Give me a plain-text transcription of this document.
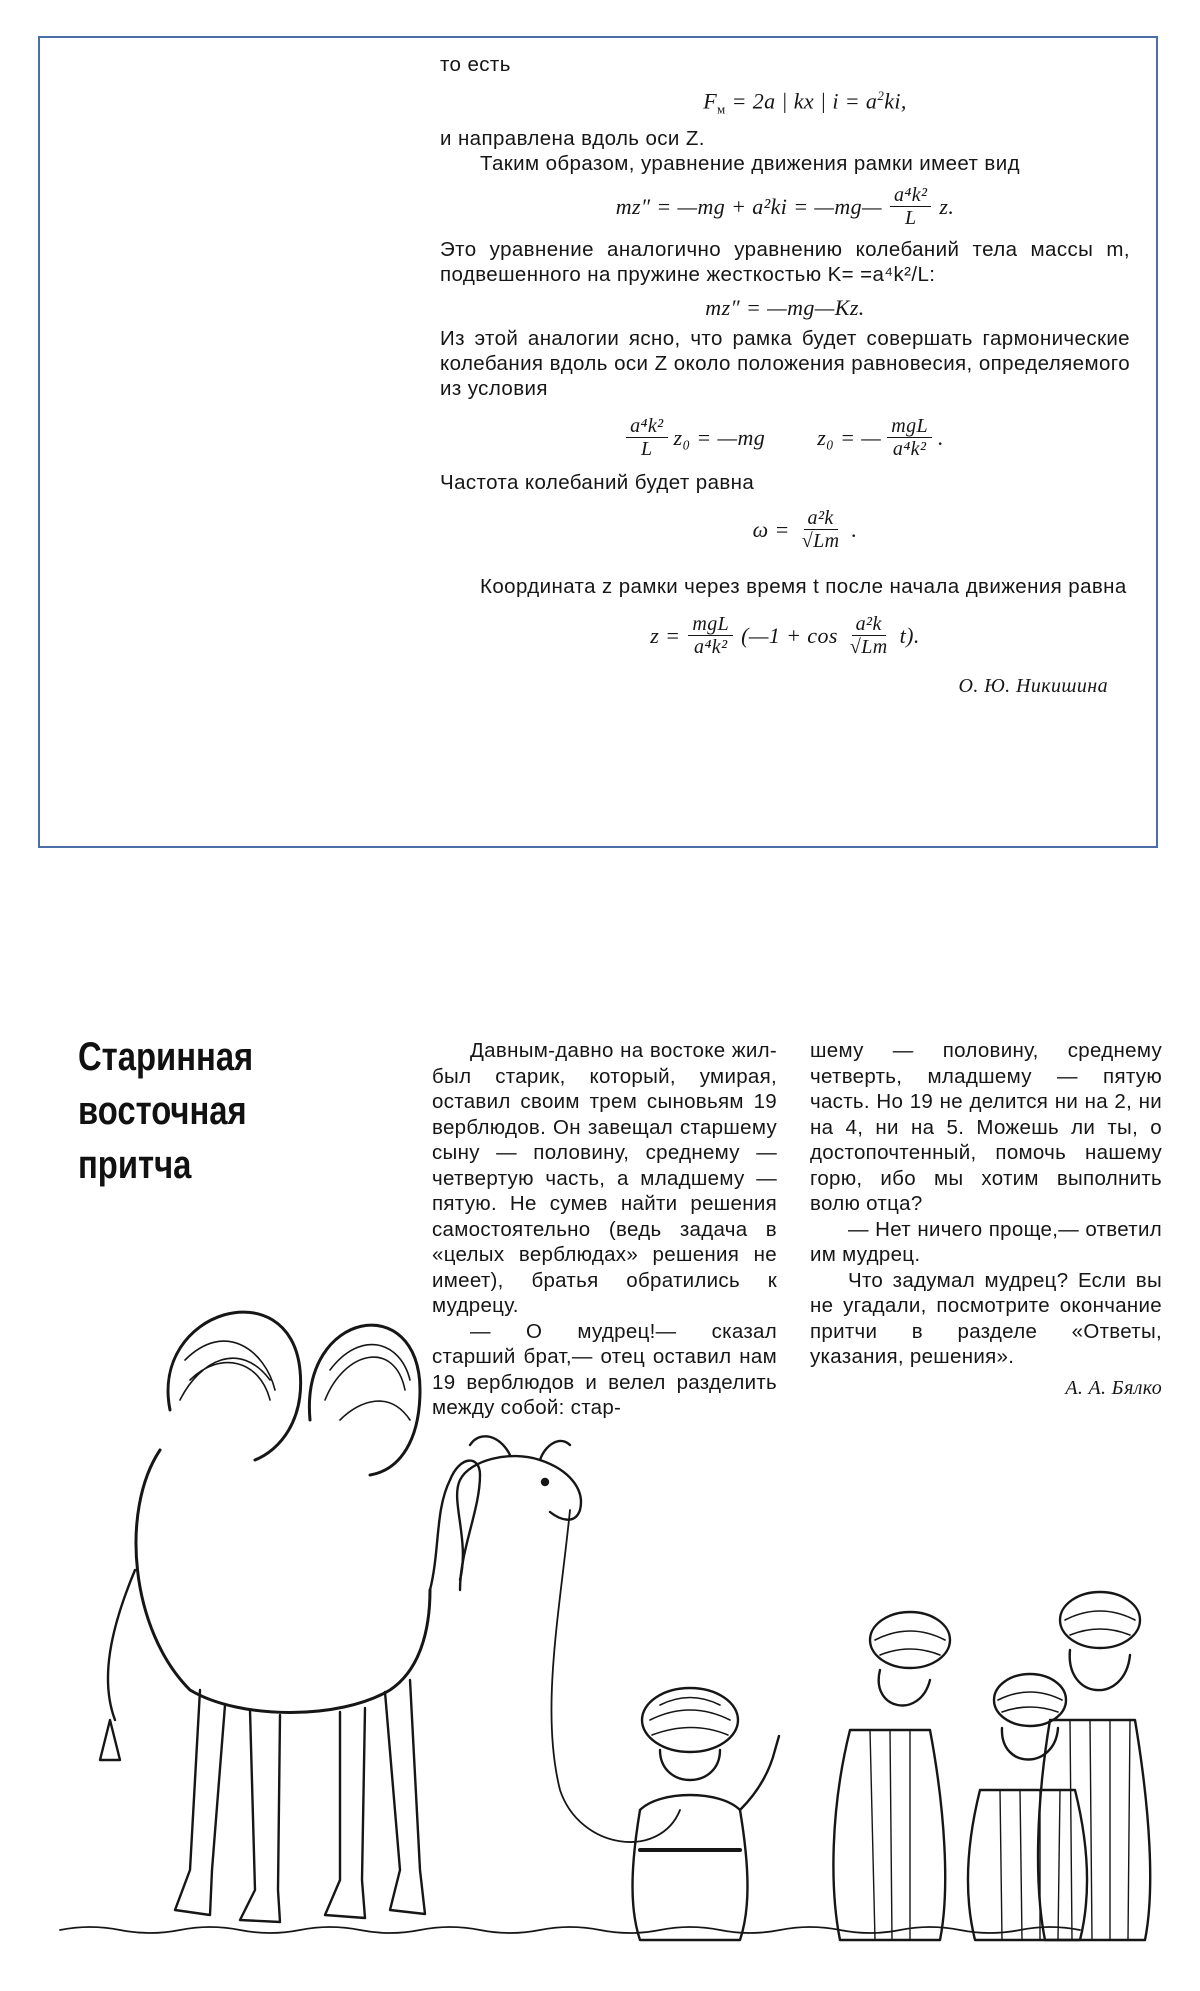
то есть

$F_м = 2a$ | kx | $i = a^2ki$,

и направлена вдоль оси Z.

Таким образом, уравнение движения рамки имеет вид

mz″ = —mg + a²ki = —mg— $\frac{\text{a⁴k²}}{L} z$.

Это уравнение аналогично уравнению колебаний тела массы m, подвешенного на пружине жесткостью K= =a⁴k²/L:

mz″ = —mg—Kz.

Из этой аналогии ясно, что рамка будет совершать гармонические колебания вдоль оси Z около положения равновесия, определяемого из условия

$\frac{\text{a⁴k²}}{L} z_0$ = —mg z₀ = — $\frac{\text{mgL}}{\text{a⁴k²}}$ .

Частота колебаний будет равна

$\omega = \frac{\text{a²k}}{√Lm}$ .

Координата z рамки через время t после начала движения равна

$z = \frac{\text{mgL}}{\text{a⁴k²}}$ (—1 + $\cos \frac{\text{a²k}}{√Lm} t$).
О. Ю. Никишина
Старинная
восточная притча

Давным-давно на востоке жил-был старик, который, умирая, оставил своим трем сыновьям 19 верблюдов. Он завещал старшему сыну — половину, среднему — четвертую часть, а младшему — пятую. Не сумев найти решения самостоятельно (ведь задача в «целых верблюдах» решения не имеет), братья обратились к мудрецу.

— О мудрец!— сказал старший брат,— отец оставил нам 19 верблюдов и велел разделить между собой: стар-

шему — половину, среднему четверть, младшему — пятую часть. Но 19 не делится ни на 2, ни на 4, ни на 5. Можешь ли ты, о достопочтенный, помочь нашему горю, ибо мы хотим выполнить волю отца?

— Нет ничего проще,— ответил им мудрец.

Что задумал мудрец? Если вы не угадали, посмотрите окончание притчи в разделе «Ответы, указания, решения».

А. А. Бялко
